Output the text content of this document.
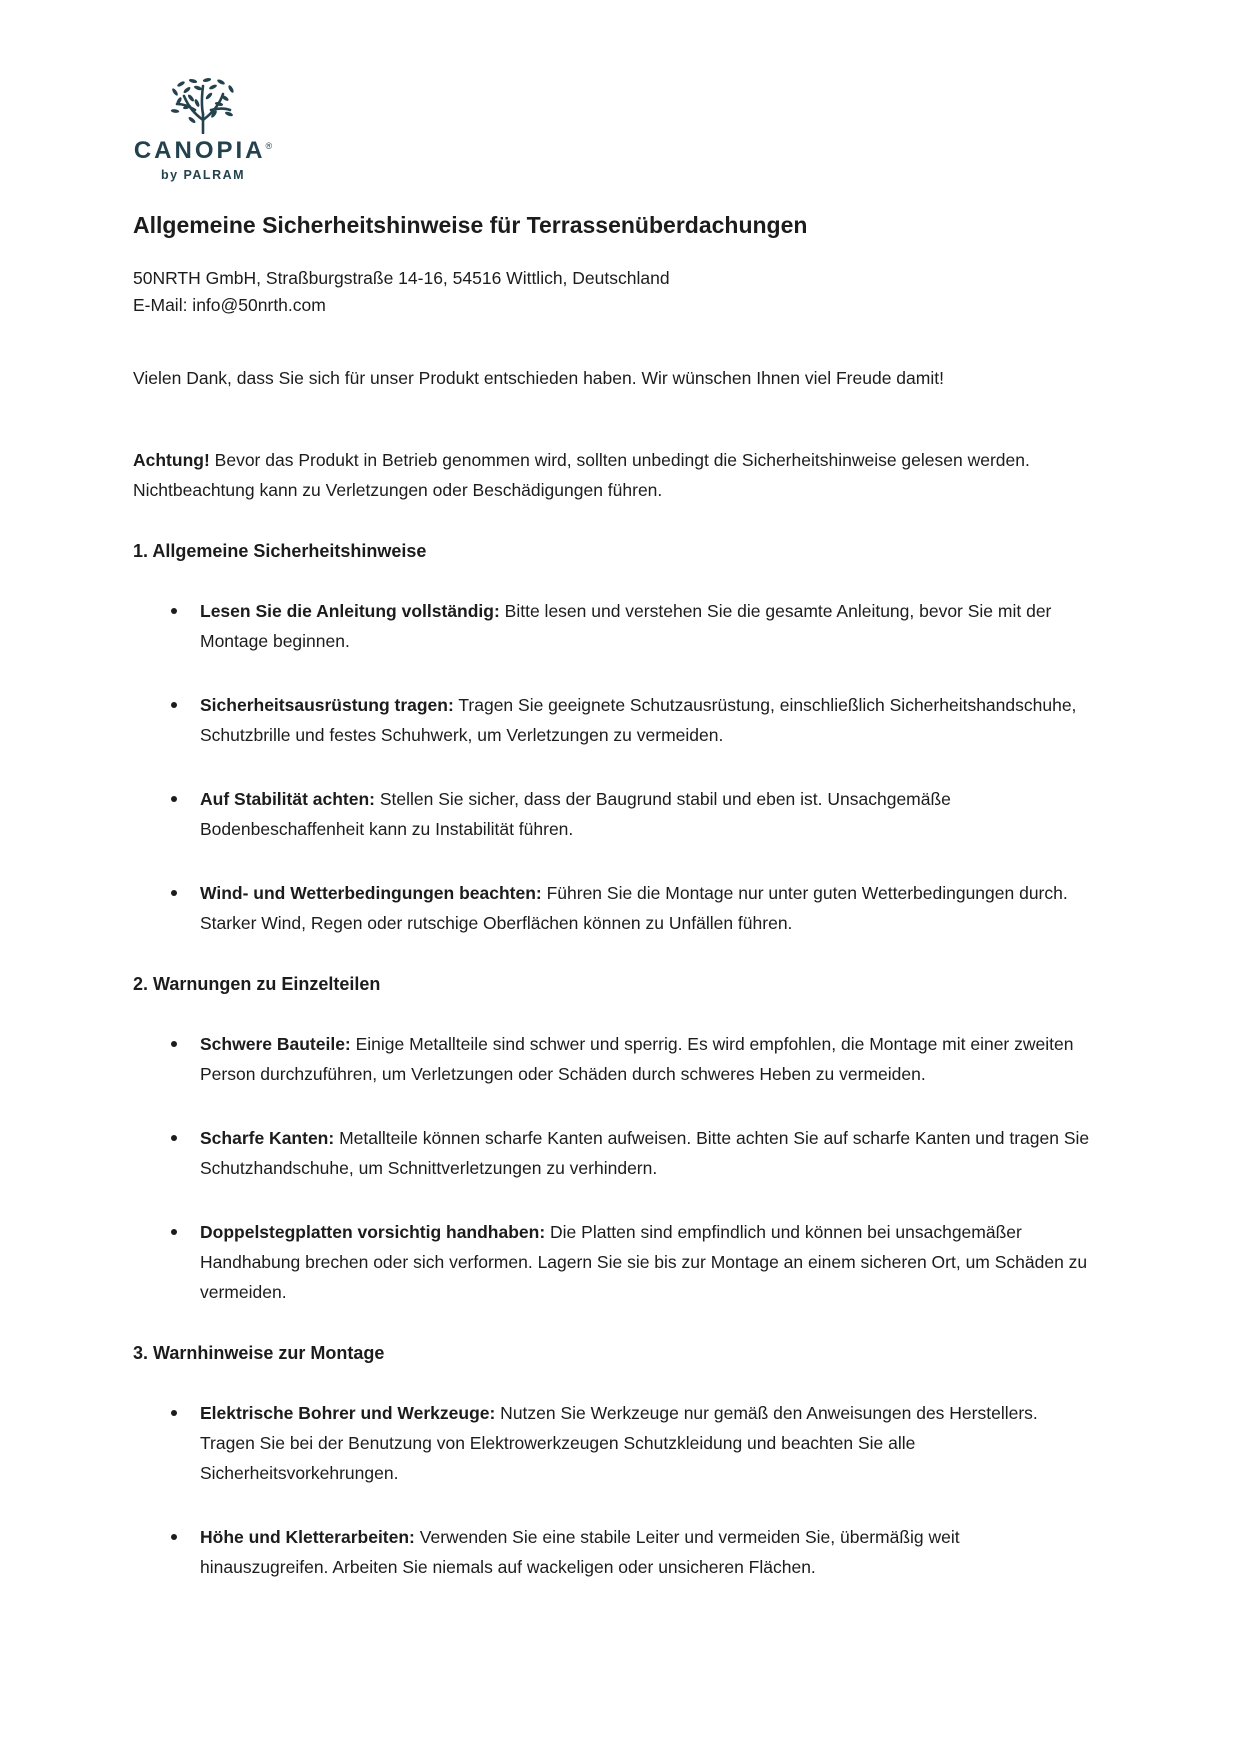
CANOPIA®
by PALRAM
Allgemeine Sicherheitshinweise für Terrassenüberdachungen
50NRTH GmbH, Straßburgstraße 14-16, 54516 Wittlich, Deutschland
E-Mail: info@50nrth.com

Vielen Dank, dass Sie sich für unser Produkt entschieden haben. Wir wünschen Ihnen viel Freude damit!

Achtung! Bevor das Produkt in Betrieb genommen wird, sollten unbedingt die Sicherheitshinweise gelesen werden. Nichtbeachtung kann zu Verletzungen oder Beschädigungen führen.

1. Allgemeine Sicherheitshinweise
Lesen Sie die Anleitung vollständig: Bitte lesen und verstehen Sie die gesamte Anleitung, bevor Sie mit der Montage beginnen.
Sicherheitsausrüstung tragen: Tragen Sie geeignete Schutzausrüstung, einschließlich Sicherheitshandschuhe, Schutzbrille und festes Schuhwerk, um Verletzungen zu vermeiden.
Auf Stabilität achten: Stellen Sie sicher, dass der Baugrund stabil und eben ist. Unsachgemäße Bodenbeschaffenheit kann zu Instabilität führen.
Wind- und Wetterbedingungen beachten: Führen Sie die Montage nur unter guten Wetterbedingungen durch. Starker Wind, Regen oder rutschige Oberflächen können zu Unfällen führen.
2. Warnungen zu Einzelteilen
Schwere Bauteile: Einige Metallteile sind schwer und sperrig. Es wird empfohlen, die Montage mit einer zweiten Person durchzuführen, um Verletzungen oder Schäden durch schweres Heben zu vermeiden.
Scharfe Kanten: Metallteile können scharfe Kanten aufweisen. Bitte achten Sie auf scharfe Kanten und tragen Sie Schutzhandschuhe, um Schnittverletzungen zu verhindern.
Doppelstegplatten vorsichtig handhaben: Die Platten sind empfindlich und können bei unsachgemäßer Handhabung brechen oder sich verformen. Lagern Sie sie bis zur Montage an einem sicheren Ort, um Schäden zu vermeiden.
3. Warnhinweise zur Montage
Elektrische Bohrer und Werkzeuge: Nutzen Sie Werkzeuge nur gemäß den Anweisungen des Herstellers. Tragen Sie bei der Benutzung von Elektrowerkzeugen Schutzkleidung und beachten Sie alle Sicherheitsvorkehrungen.
Höhe und Kletterarbeiten: Verwenden Sie eine stabile Leiter und vermeiden Sie, übermäßig weit hinauszugreifen. Arbeiten Sie niemals auf wackeligen oder unsicheren Flächen.
